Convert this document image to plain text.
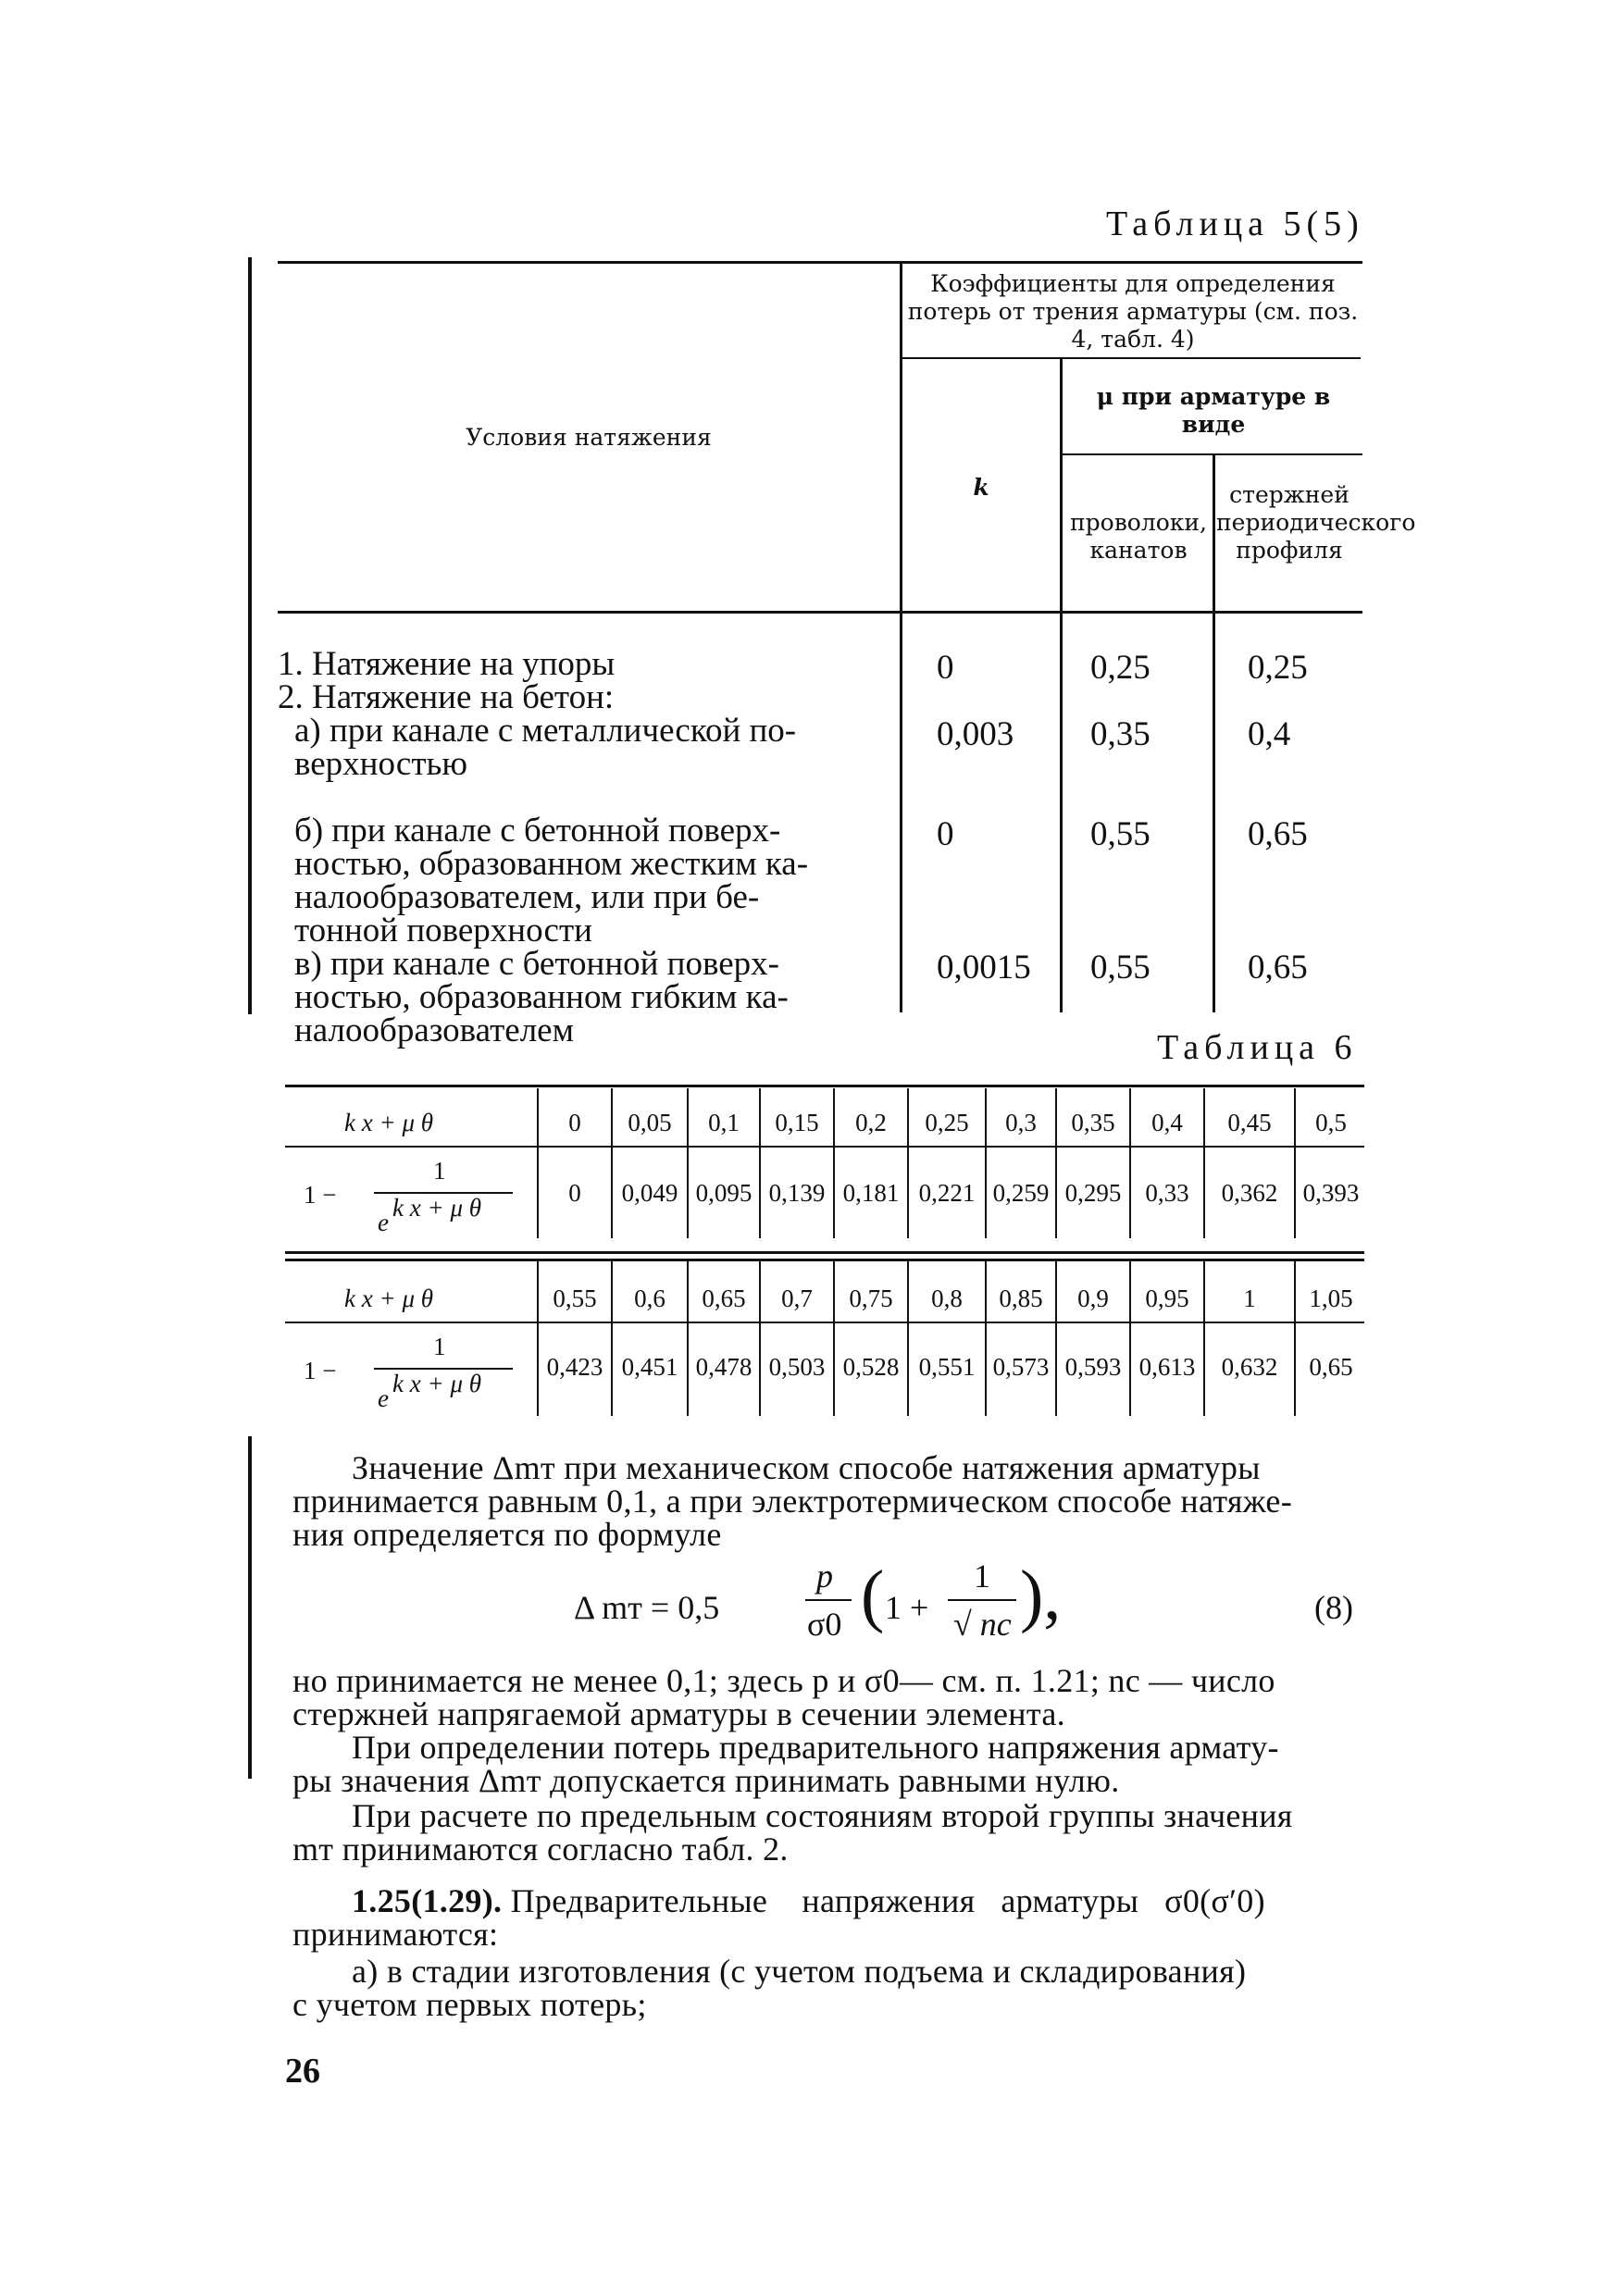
Таблица 5(5)
Условия натяжения
Коэффициенты для определения потерь от трения арматуры (см. поз. 4, табл. 4)
k
μ при арматуре в виде
проволоки, канатов
стержней периодического профиля
1. Натяжение на упоры	0	0,25	0,25
2. Натяжение на бетон:
а) при канале с металлической по-
верхностью
0,003 0,35	0,4
б) при канале с бетонной поверх-
ностью, образованном жестким ка-
налообразователем, или при бе-
тонной поверхности
0	0,55	0,65
в) при канале с бетонной поверх-
ностью, образованном гибким ка-
налообразователем
0,0015 0,55	0,65
Таблица 6
k x + μ θ	0	0,05	0,1	0,15	0,2	0,25	0,3	0,35	0,4	0,45	0,5
1 −
1
e
k x + μ θ
0	0,049 0,095 0,139 0,181 0,221 0,259 0,295 0,33	0,362	0,393
k x + μ θ	0,55	0,6	0,65	0,7	0,75	0,8	0,85	0,9	0,95	1	1,05
1 −
1
e
k x + μ θ
0,423 0,451 0,478 0,503 0,528 0,551 0,573 0,593 0,613	0,632	0,65
Значение Δmт при механическом способе натяжения арматуры
принимается равным 0,1, а при электротермическом способе натяже-
ния определяется по формуле
Δ mт = 0,5
p
σ0 ( 1 +
1
√ nc ),	(8)
но принимается не менее 0,1; здесь p и σ0— см. п. 1.21; nc — число
стержней напрягаемой арматуры в сечении элемента.
При определении потерь предварительного напряжения армату-
ры значения Δmт допускается принимать равными нулю.
При расчете по предельным состояниям второй группы значения
mт принимаются согласно табл. 2.
1.25(1.29). Предварительные    напряжения   арматуры   σ0(σ′0)
принимаются:
а) в стадии изготовления (с учетом подъема и складирования)
с учетом первых потерь;
26
